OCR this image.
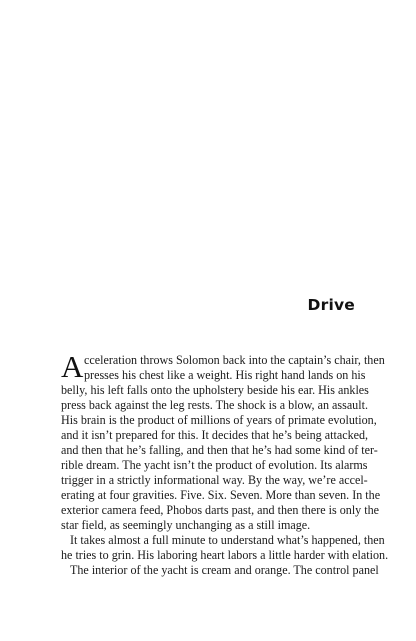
Drive
A cceleration throws Solomon back into the captain’s chair, then
presses his chest like a weight. His right hand lands on his
belly, his left falls onto the upholstery beside his ear. His ankles
press back against the leg rests. The shock is a blow, an assault.
His brain is the product of millions of years of primate evolution,
and it isn’t prepared for this. It decides that he’s being attacked,
and then that he’s falling, and then that he’s had some kind of ter-
rible dream. The yacht isn’t the product of evolution. Its alarms
trigger in a strictly informational way. By the way, we’re accel-
erating at four gravities. Five. Six. Seven. More than seven. In the
exterior camera feed, Phobos darts past, and then there is only the
star field, as seemingly unchanging as a still image.
It takes almost a full minute to understand what’s happened, then
he tries to grin. His laboring heart labors a little harder with elation.
The interior of the yacht is cream and orange. The control panel
